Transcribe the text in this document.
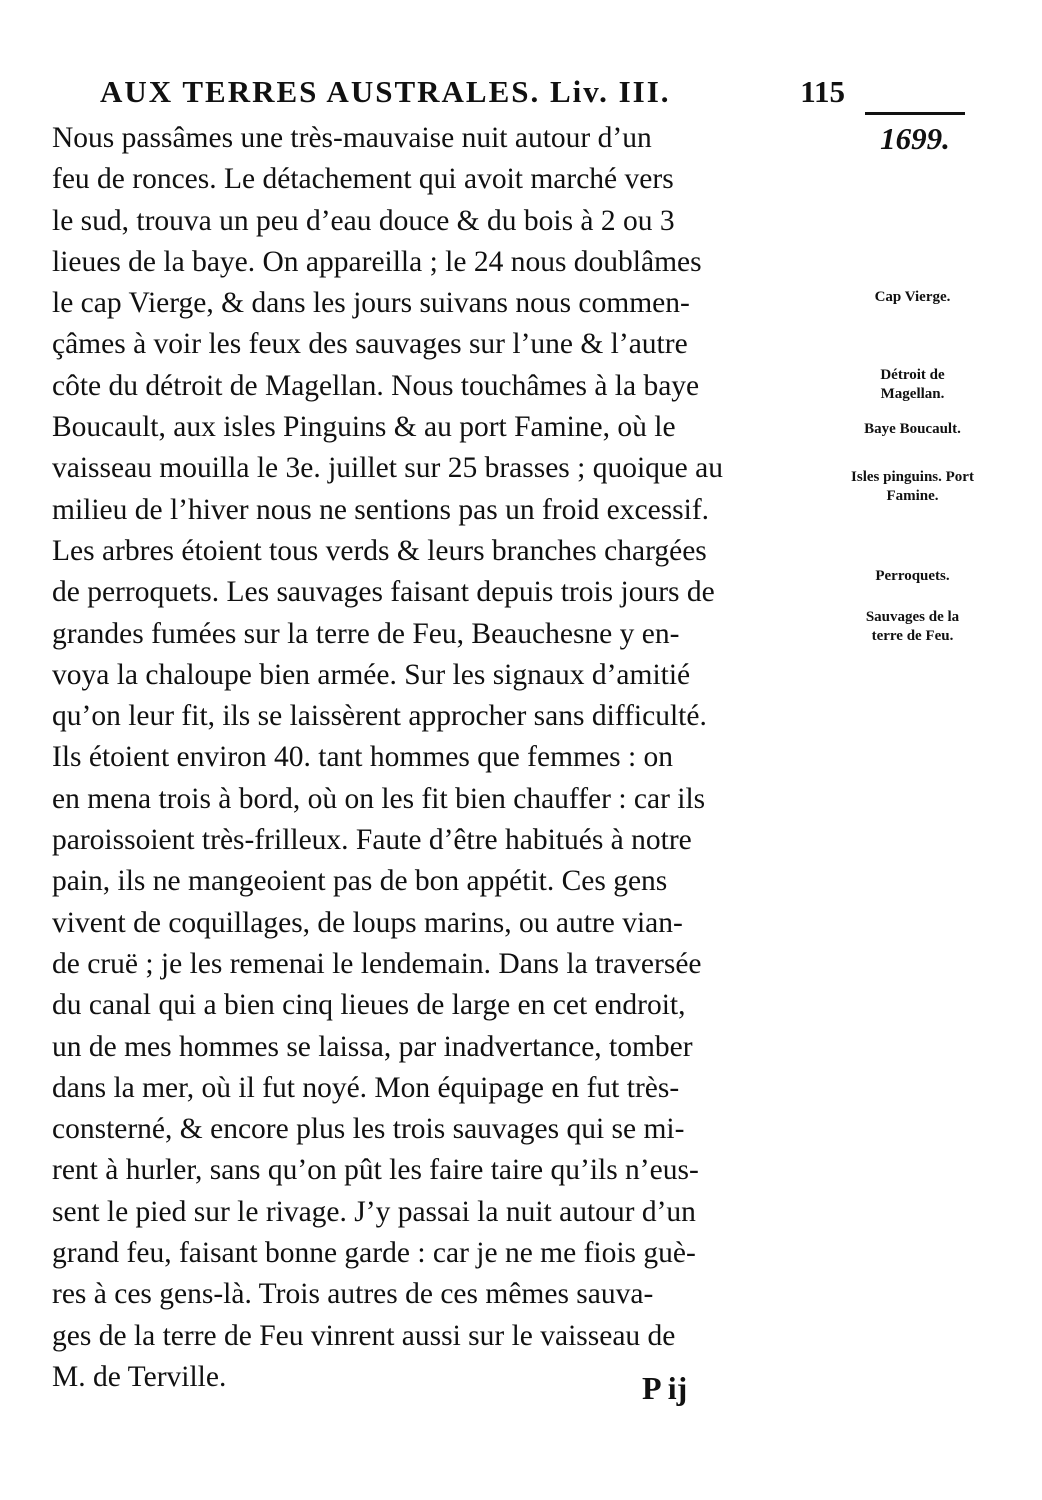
AUX TERRES AUSTRALES. Liv. III.	115
1699.
Nous passâmes une très-mauvaise nuit autour d’un
feu de ronces. Le détachement qui avoit marché vers
le sud, trouva un peu d’eau douce & du bois à 2 ou 3
lieues de la baye. On appareilla ; le 24 nous doublâmes
le cap Vierge, & dans les jours suivans nous commen-
çâmes à voir les feux des sauvages sur l’une & l’autre
côte du détroit de Magellan. Nous touchâmes à la baye
Boucault, aux isles Pinguins & au port Famine, où le
vaisseau mouilla le 3e. juillet sur 25 brasses ; quoique au
milieu de l’hiver nous ne sentions pas un froid excessif.
Les arbres étoient tous verds & leurs branches chargées
de perroquets. Les sauvages faisant depuis trois jours de
grandes fumées sur la terre de Feu, Beauchesne y en-
voya la chaloupe bien armée. Sur les signaux d’amitié
qu’on leur fit, ils se laissèrent approcher sans difficulté.
Ils étoient environ 40. tant hommes que femmes : on
en mena trois à bord, où on les fit bien chauffer : car ils
paroissoient très-frilleux. Faute d’être habitués à notre
pain, ils ne mangeoient pas de bon appétit. Ces gens
vivent de coquillages, de loups marins, ou autre vian-
de cruë ; je les remenai le lendemain. Dans la traversée
du canal qui a bien cinq lieues de large en cet endroit,
un de mes hommes se laissa, par inadvertance, tomber
dans la mer, où il fut noyé. Mon équipage en fut très-
consterné, & encore plus les trois sauvages qui se mi-
rent à hurler, sans qu’on pût les faire taire qu’ils n’eus-
sent le pied sur le rivage. J’y passai la nuit autour d’un
grand feu, faisant bonne garde : car je ne me fiois guè-
res à ces gens-là. Trois autres de ces mêmes sauva-
ges de la terre de Feu vinrent aussi sur le vaisseau de
M. de Terville.
Cap Vierge.
Détroit de Magellan.
Baye Boucault.
Isles pinguins. Port Famine.
Perroquets.
Sauvages de la terre de Feu.
P ij
